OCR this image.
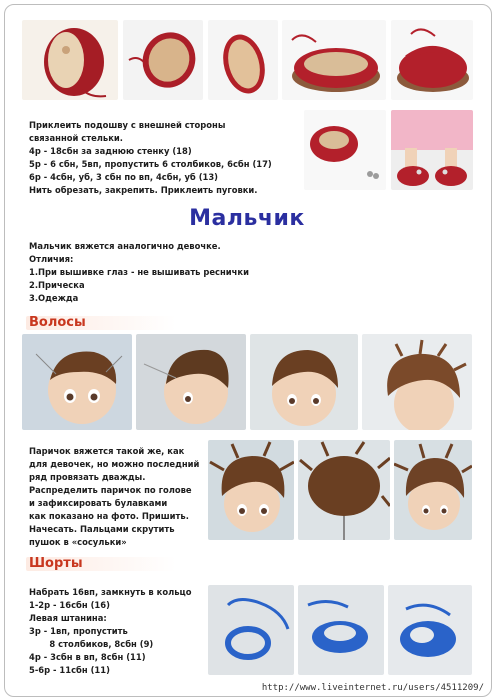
Приклеить подошву с внешней стороны
связанной стельки.
4р - 18сбн за заднюю стенку (18)
5р - 6 сбн, 5вп, пропустить 6 столбиков, 6сбн (17)
6р - 4сбн, уб, 3 сбн по вп, 4сбн, уб (13)
Нить обрезать, закрепить. Приклеить пуговки.
Мальчик
Мальчик вяжется аналогично девочке.
Отличия:
1.При вышивке глаз - не вышивать реснички
2.Прическа
3.Одежда
Волосы
Паричок вяжется такой же, как
для девочек, но можно последний
ряд провязать дважды.
Распределить паричок по голове
и зафиксировать булавками
как показано на фото. Пришить.
Начесать. Пальцами скрутить
пушок в «сосульки»
Шорты
Набрать 16вп, замкнуть в кольцо
1-2р - 16сбн (16)
Левая штанина:
3р - 1вп, пропустить
8 столбиков, 8сбн (9)
4р - 3сбн в вп, 8сбн (11)
5-6р - 11сбн (11)
http://www.liveinternet.ru/users/4511209/
